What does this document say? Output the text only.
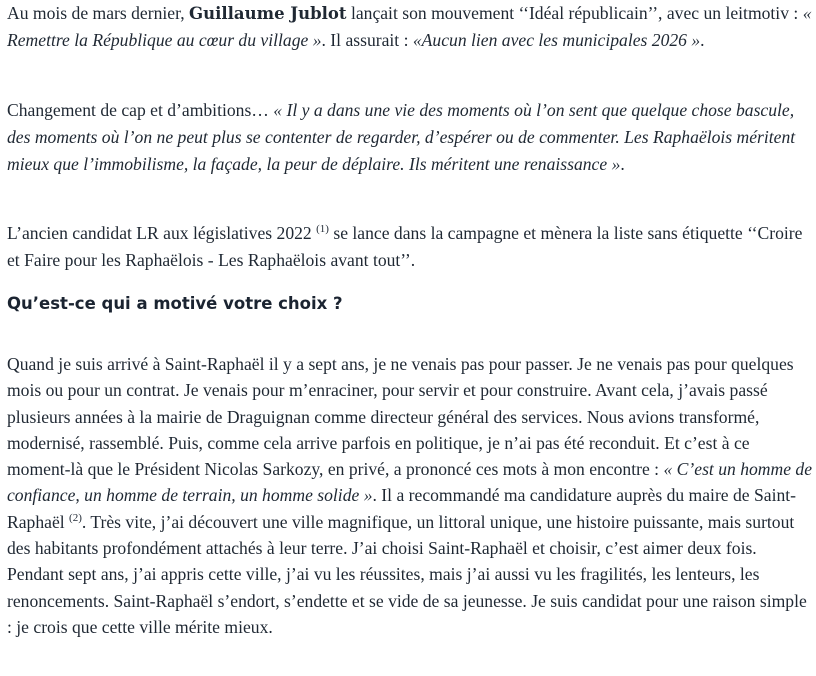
Au mois de mars dernier, Guillaume Jublot lançait son mouvement ‘‘Idéal républicain’’, avec un leitmotiv : « Remettre la République au cœur du village ». Il assurait : «Aucun lien avec les municipales 2026 ».

Changement de cap et d’ambitions… « Il y a dans une vie des moments où l’on sent que quelque chose bascule, des moments où l’on ne peut plus se contenter de regarder, d’espérer ou de commenter. Les Raphaëlois méritent mieux que l’immobilisme, la façade, la peur de déplaire. Ils méritent une renaissance ».

L’ancien candidat LR aux législatives 2022 $^{(1)}$ se lance dans la campagne et mènera la liste sans étiquette ‘‘Croire et Faire pour les Raphaëlois - Les Raphaëlois avant tout’’.

Qu’est-ce qui a motivé votre choix ?

Quand je suis arrivé à Saint-Raphaël il y a sept ans, je ne venais pas pour passer. Je ne venais pas pour quelques mois ou pour un contrat. Je venais pour m’enraciner, pour servir et pour construire. Avant cela, j’avais passé plusieurs années à la mairie de Draguignan comme directeur général des services. Nous avions transformé, modernisé, rassemblé. Puis, comme cela arrive parfois en politique, je n’ai pas été reconduit. Et c’est à ce moment-là que le Président Nicolas Sarkozy, en privé, a prononcé ces mots à mon encontre : « C’est un homme de confiance, un homme de terrain, un homme solide ». Il a recommandé ma candidature auprès du maire de Saint-Raphaël $^{(2)}$. Très vite, j’ai découvert une ville magnifique, un littoral unique, une histoire puissante, mais surtout des habitants profondément attachés à leur terre. J’ai choisi Saint-Raphaël et choisir, c’est aimer deux fois. Pendant sept ans, j’ai appris cette ville, j’ai vu les réussites, mais j’ai aussi vu les fragilités, les lenteurs, les renoncements. Saint-Raphaël s’endort, s’endette et se vide de sa jeunesse. Je suis candidat pour une raison simple : je crois que cette ville mérite mieux.
